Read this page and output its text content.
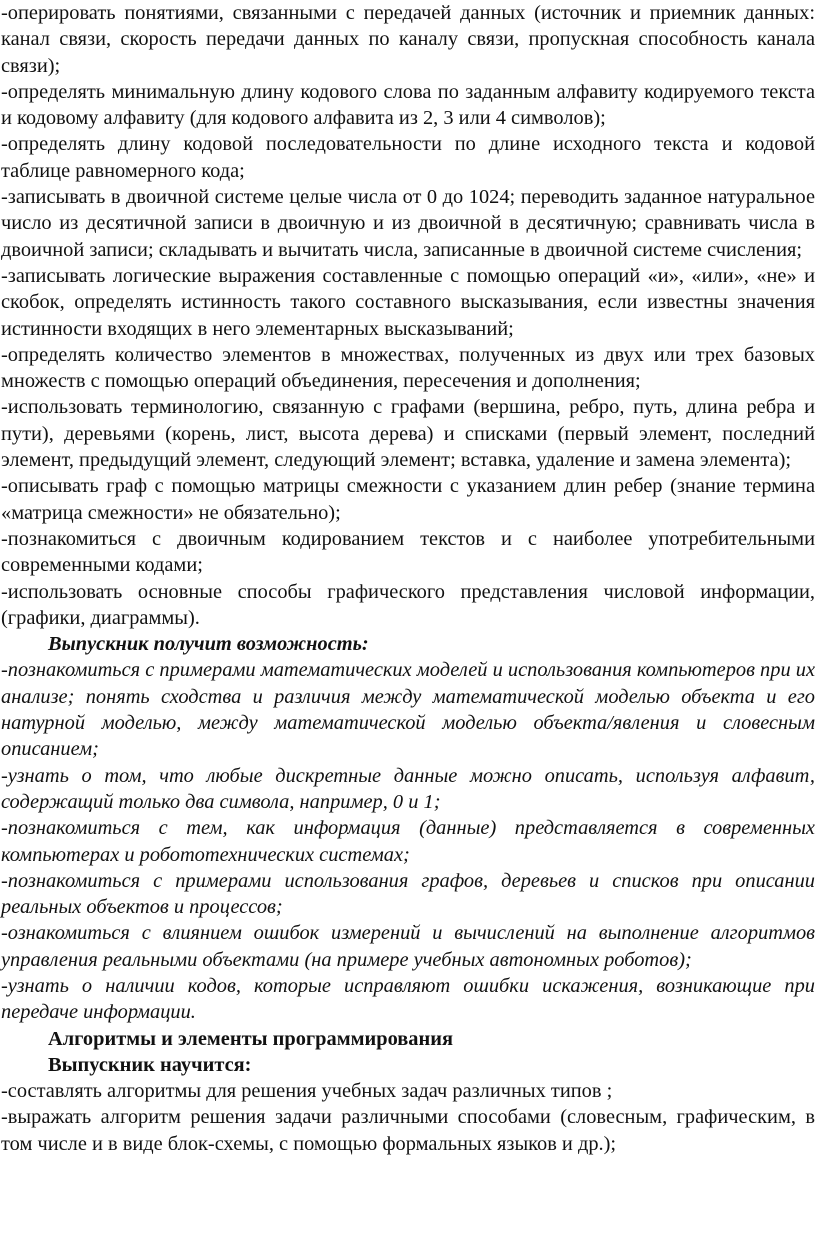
-оперировать понятиями, связанными с передачей данных (источник и приемник данных: канал связи, скорость передачи данных по каналу связи, пропускная способность канала связи);

-определять минимальную длину кодового слова по заданным алфавиту кодируемого текста и кодовому алфавиту (для кодового алфавита из 2, 3 или 4 символов);

-определять длину кодовой последовательности по длине исходного текста и кодовой таблице равномерного кода;

-записывать в двоичной системе целые числа от 0 до 1024; переводить заданное натуральное число из десятичной записи в двоичную и из двоичной в десятичную; сравнивать числа в двоичной записи; складывать и вычитать числа, записанные в двоичной системе счисления;

-записывать логические выражения составленные с помощью операций «и», «или», «не» и скобок, определять истинность такого составного высказывания, если известны значения истинности входящих в него элементарных высказываний;

-определять количество элементов в множествах, полученных из двух или трех базовых множеств с помощью операций объединения, пересечения и дополнения;

-использовать терминологию, связанную с графами (вершина, ребро, путь, длина ребра и пути), деревьями (корень, лист, высота дерева) и списками (первый элемент, последний элемент, предыдущий элемент, следующий элемент; вставка, удаление и замена элемента);

-описывать граф с помощью матрицы смежности с указанием длин ребер (знание термина «матрица смежности» не обязательно);

-познакомиться с двоичным кодированием текстов и с наиболее употребительными современными кодами;

-использовать основные способы графического представления числовой информации, (графики, диаграммы).

Выпускник получит возможность:

-познакомиться с примерами математических моделей и использования компьютеров при их анализе; понять сходства и различия между математической моделью объекта и его натурной моделью, между математической моделью объекта/явления и словесным описанием;

-узнать о том, что любые дискретные данные можно описать, используя алфавит, содержащий только два символа, например, 0 и 1;

-познакомиться с тем, как информация (данные) представляется в современных компьютерах и робототехнических системах;

-познакомиться с примерами использования графов, деревьев и списков при описании реальных объектов и процессов;

-ознакомиться с влиянием ошибок измерений и вычислений на выполнение алгоритмов управления реальными объектами (на примере учебных автономных роботов);

-узнать о наличии кодов, которые исправляют ошибки искажения, возникающие при передаче информации.

Алгоритмы и элементы программирования

Выпускник научится:

-составлять алгоритмы для решения учебных задач различных типов ;

-выражать алгоритм решения задачи различными способами (словесным, графическим, в том числе и в виде блок-схемы, с помощью формальных языков и др.);
